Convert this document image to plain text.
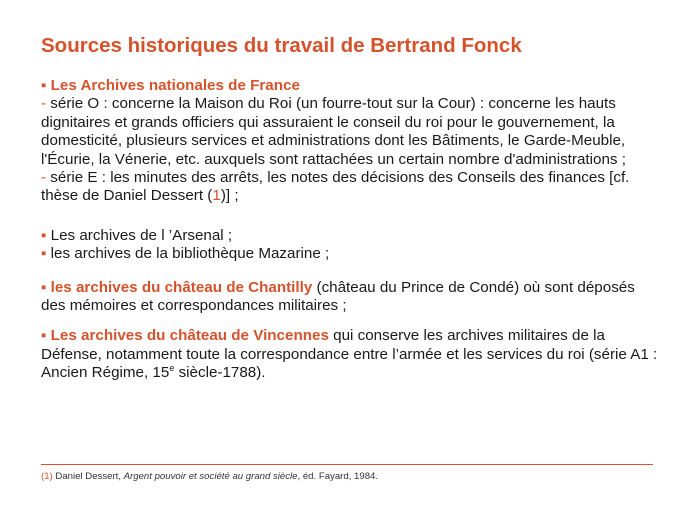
Sources historiques du travail de Bertrand Fonck

▪ Les Archives nationales de France

- série O : concerne la Maison du Roi (un fourre-tout sur la Cour) : concerne les hauts dignitaires et grands officiers qui assuraient le conseil du roi pour le gouvernement, la domesticité, plusieurs services et administrations dont les Bâtiments, le Garde-Meuble, l'Écurie, la Vénerie, etc. auxquels sont rattachées un certain nombre d'administrations ;

- série E : les minutes des arrêts, les notes des décisions des Conseils des finances [cf. thèse de Daniel Dessert (1)] ;

▪ Les archives de l ’Arsenal ;

▪ les archives de la bibliothèque Mazarine ;

▪ les archives du château de Chantilly (château du Prince de Condé) où sont déposés des mémoires et correspondances militaires ;

▪ Les archives du château de Vincennes qui conserve les archives militaires de la Défense, notamment toute la correspondance entre l’armée et les services du roi (série A1 : Ancien Régime, 15e siècle-1788).

(1) Daniel Dessert, Argent pouvoir et société au grand siècle, éd. Fayard, 1984.
